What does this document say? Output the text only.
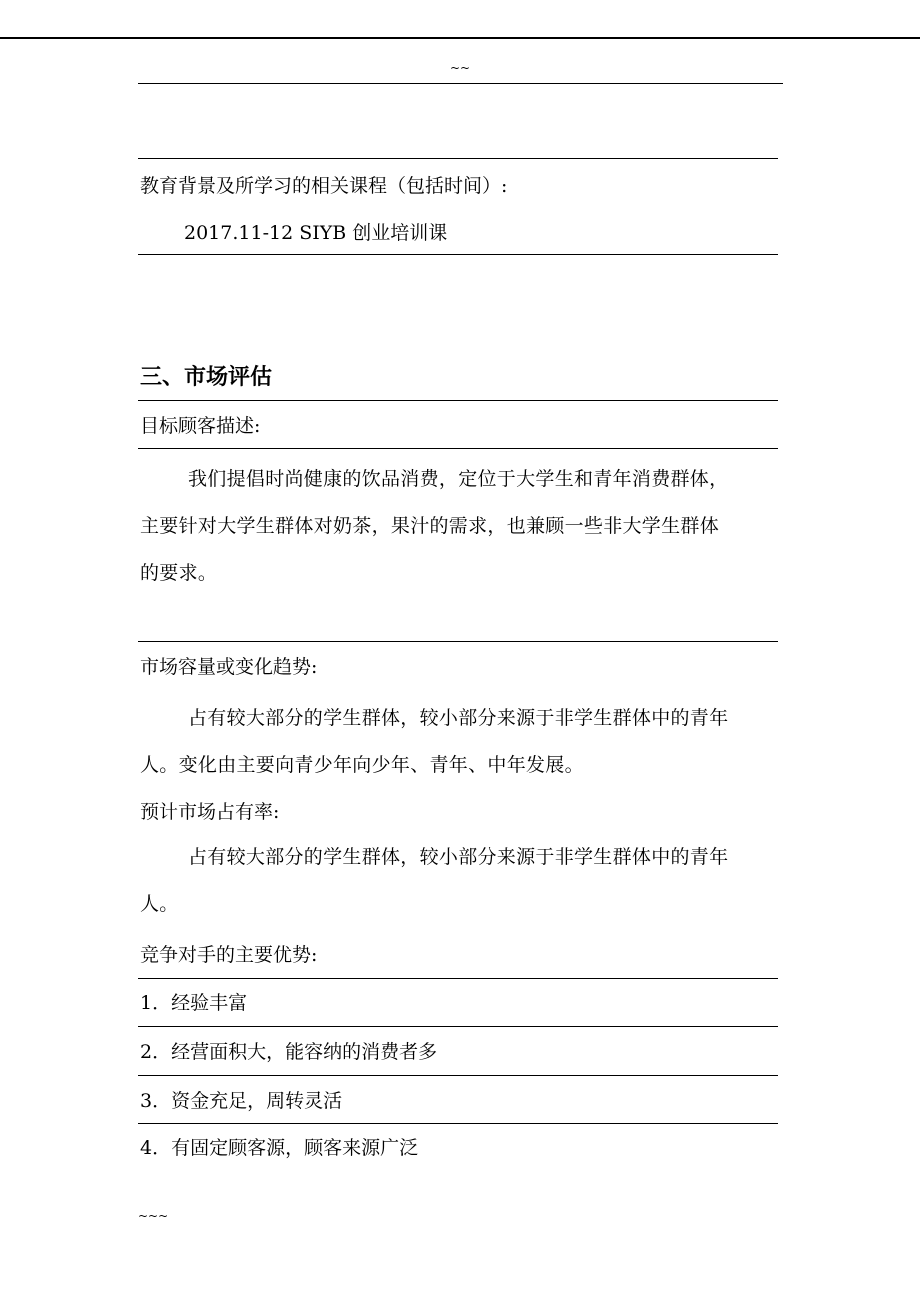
~~
教育背景及所学习的相关课程（包括时间）:
2017.11-12 SIYB 创业培训课
三、市场评估
目标顾客描述:
我们提倡时尚健康的饮品消费，定位于大学生和青年消费群体，
主要针对大学生群体对奶茶，果汁的需求，也兼顾一些非大学生群体
的要求。
市场容量或变化趋势:
占有较大部分的学生群体，较小部分来源于非学生群体中的青年
人。变化由主要向青少年向少年、青年、中年发展。
预计市场占有率:
占有较大部分的学生群体，较小部分来源于非学生群体中的青年
人。
竞争对手的主要优势:
1．经验丰富
2．经营面积大，能容纳的消费者多
3．资金充足，周转灵活
4．有固定顾客源，顾客来源广泛
~~~
